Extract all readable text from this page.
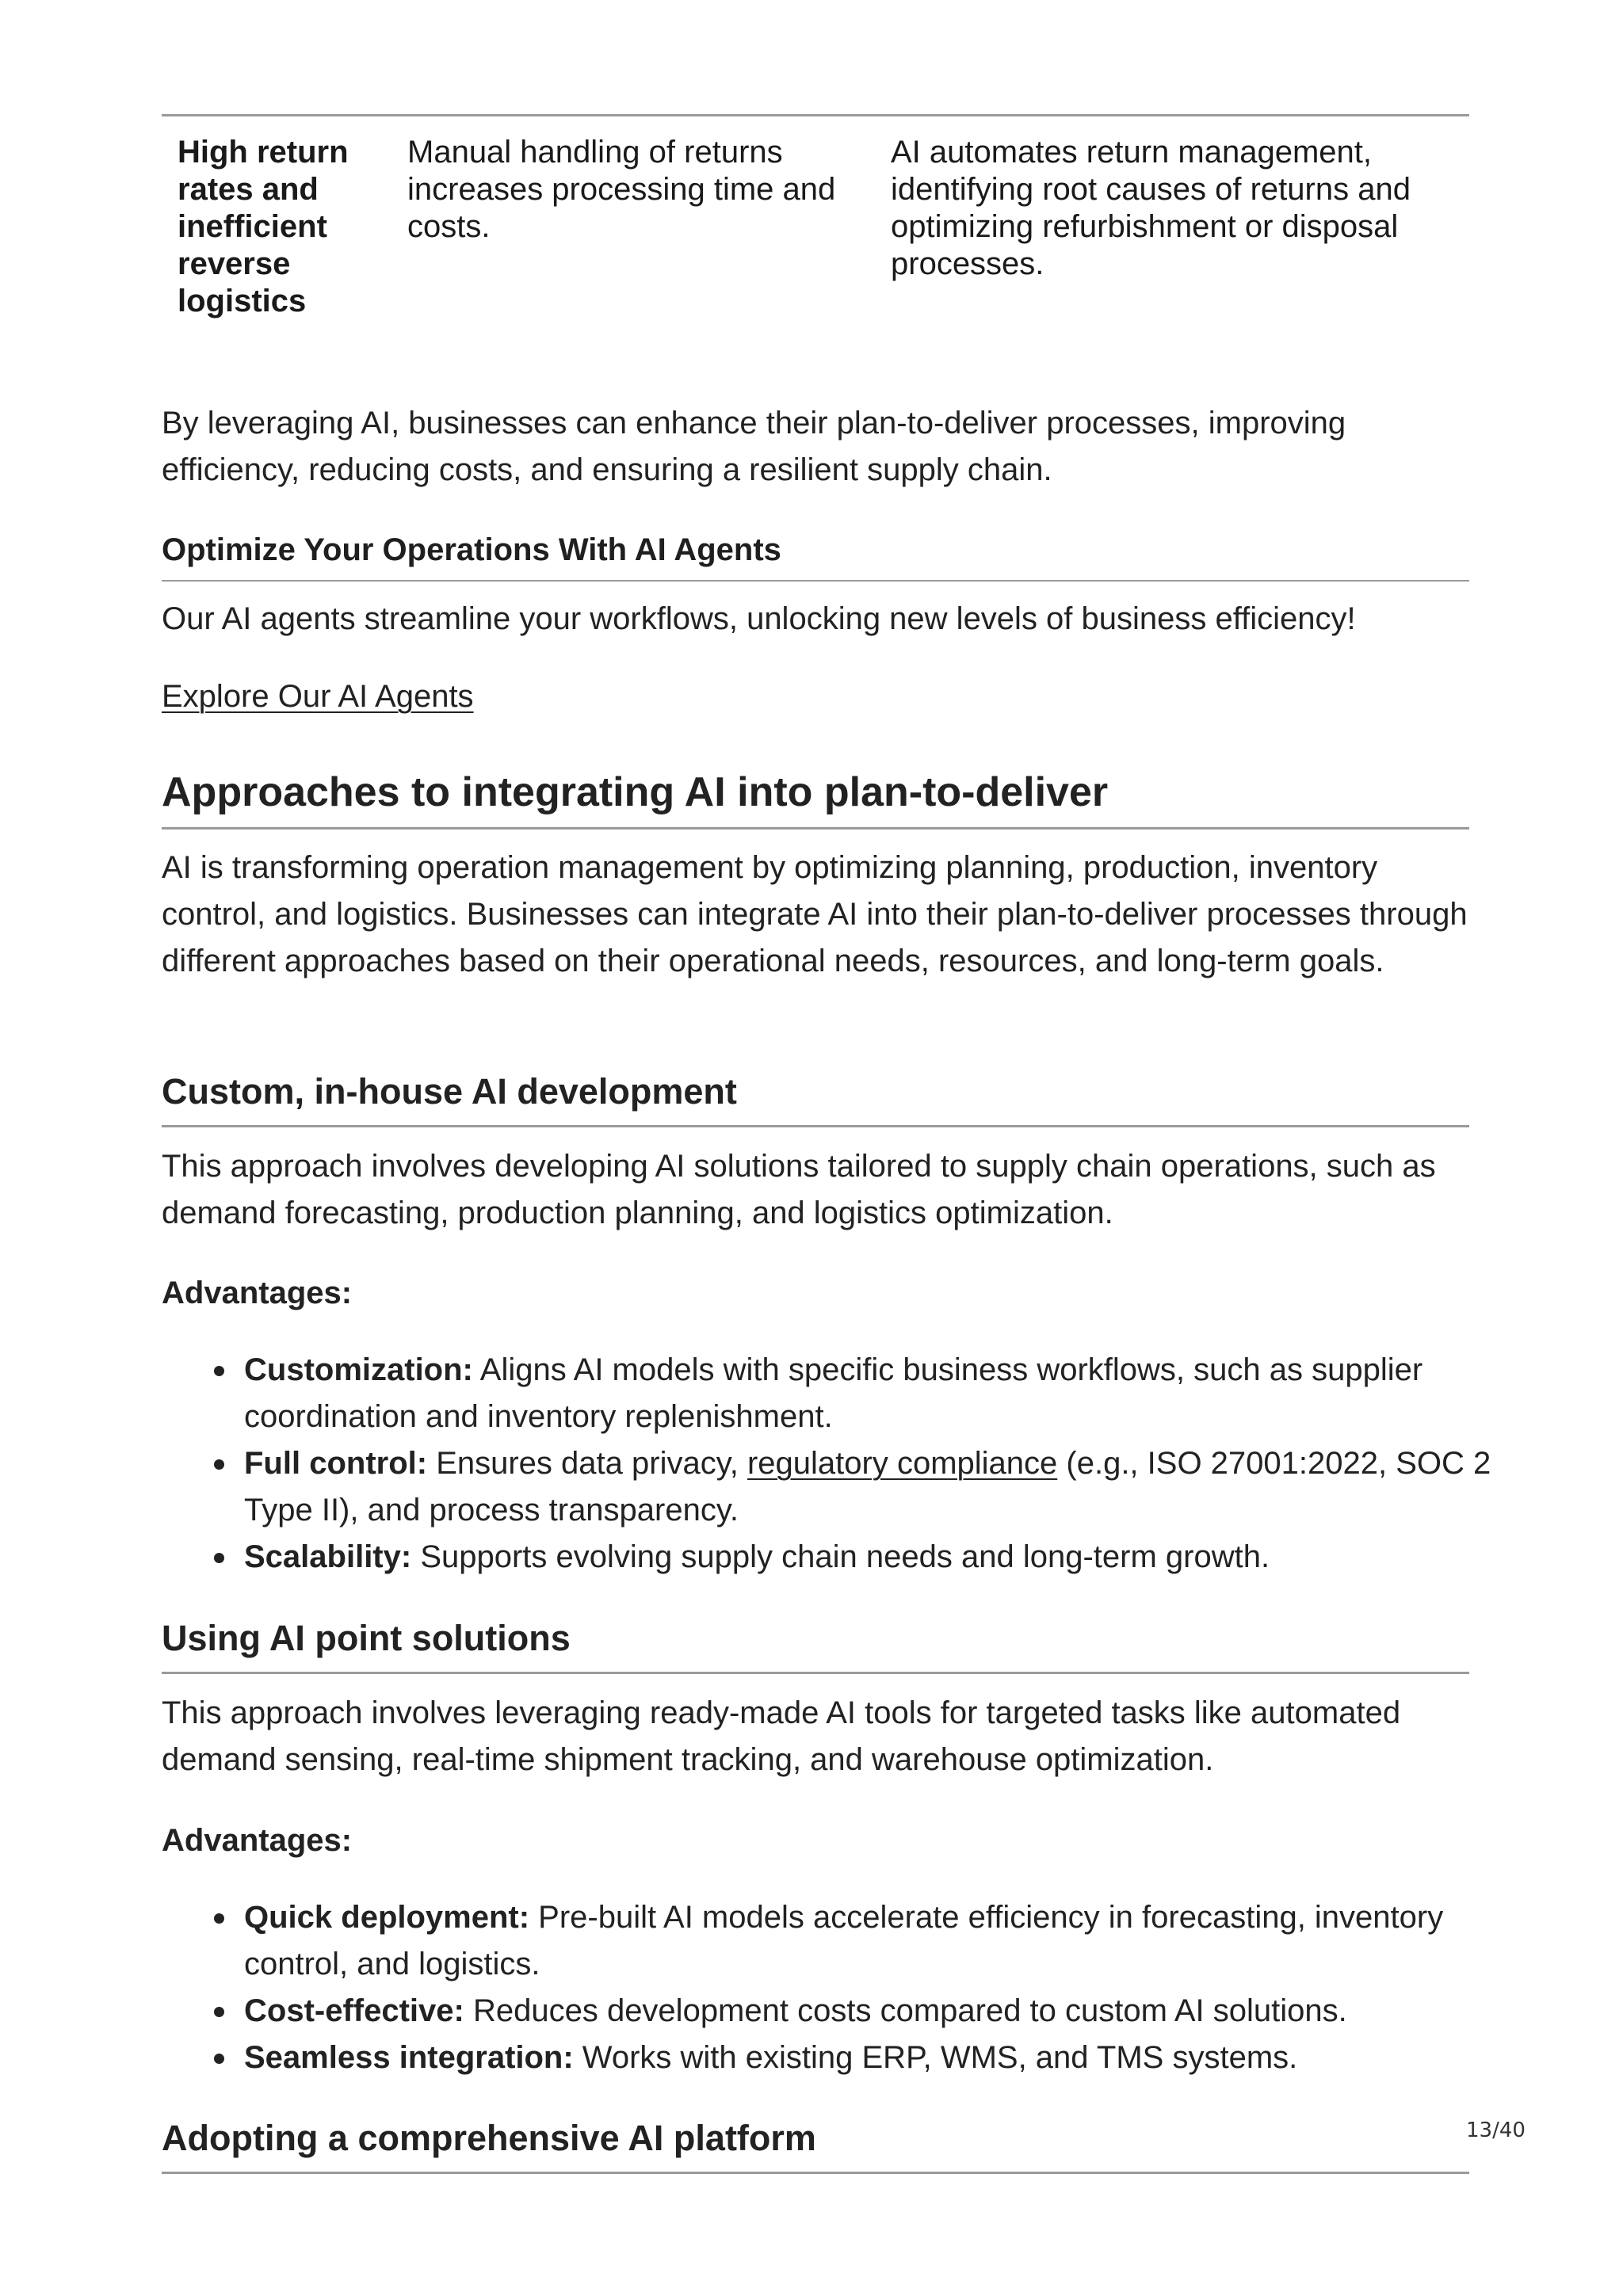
High return
rates and
inefficient
reverse
logistics
Manual handling of returns
increases processing time and
costs.
AI automates return management,
identifying root causes of returns and
optimizing refurbishment or disposal
processes.

By leveraging AI, businesses can enhance their plan-to-deliver processes, improving efficiency, reducing costs, and ensuring a resilient supply chain.

Optimize Your Operations With AI Agents

Our AI agents streamline your workflows, unlocking new levels of business efficiency!

Explore Our AI Agents

Approaches to integrating AI into plan-to-deliver

AI is transforming operation management by optimizing planning, production, inventory control, and logistics. Businesses can integrate AI into their plan-to-deliver processes through different approaches based on their operational needs, resources, and long-term goals.

Custom, in-house AI development

This approach involves developing AI solutions tailored to supply chain operations, such as demand forecasting, production planning, and logistics optimization.

Advantages:

Customization: Aligns AI models with specific business workflows, such as supplier coordination and inventory replenishment.
Full control: Ensures data privacy, regulatory compliance (e.g., ISO 27001:2022, SOC 2 Type II), and process transparency.
Scalability: Supports evolving supply chain needs and long-term growth.
Using AI point solutions

This approach involves leveraging ready-made AI tools for targeted tasks like automated demand sensing, real-time shipment tracking, and warehouse optimization.

Advantages:

Quick deployment: Pre-built AI models accelerate efficiency in forecasting, inventory control, and logistics.
Cost-effective: Reduces development costs compared to custom AI solutions.
Seamless integration: Works with existing ERP, WMS, and TMS systems.
Adopting a comprehensive AI platform	13/40
